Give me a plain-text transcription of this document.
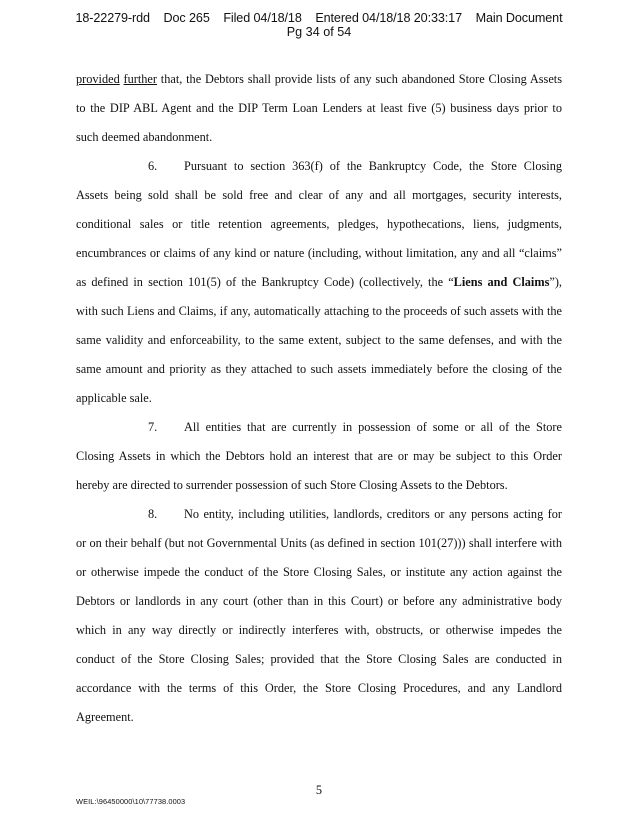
18-22279-rdd    Doc 265    Filed 04/18/18    Entered 04/18/18 20:33:17    Main Document
Pg 34 of 54
provided further that, the Debtors shall provide lists of any such abandoned Store Closing Assets
to the DIP ABL Agent and the DIP Term Loan Lenders at least five (5) business days prior to
such deemed abandonment.
6.	Pursuant to section 363(f) of the Bankruptcy Code, the Store Closing
Assets being sold shall be sold free and clear of any and all mortgages, security interests,
conditional sales or title retention agreements, pledges, hypothecations, liens, judgments,
encumbrances or claims of any kind or nature (including, without limitation, any and all “claims”
as defined in section 101(5) of the Bankruptcy Code) (collectively, the “Liens and Claims”),
with such Liens and Claims, if any, automatically attaching to the proceeds of such assets with the
same validity and enforceability, to the same extent, subject to the same defenses, and with the
same amount and priority as they attached to such assets immediately before the closing of the
applicable sale.
7.	All entities that are currently in possession of some or all of the Store
Closing Assets in which the Debtors hold an interest that are or may be subject to this Order
hereby are directed to surrender possession of such Store Closing Assets to the Debtors.
8.	No entity, including utilities, landlords, creditors or any persons acting for
or on their behalf (but not Governmental Units (as defined in section 101(27))) shall interfere with
or otherwise impede the conduct of the Store Closing Sales, or institute any action against the
Debtors or landlords in any court (other than in this Court) or before any administrative body
which in any way directly or indirectly interferes with, obstructs, or otherwise impedes the
conduct of the Store Closing Sales; provided that the Store Closing Sales are conducted in
accordance with the terms of this Order, the Store Closing Procedures, and any Landlord
Agreement.
5
WEIL:\96450000\10\77738.0003
